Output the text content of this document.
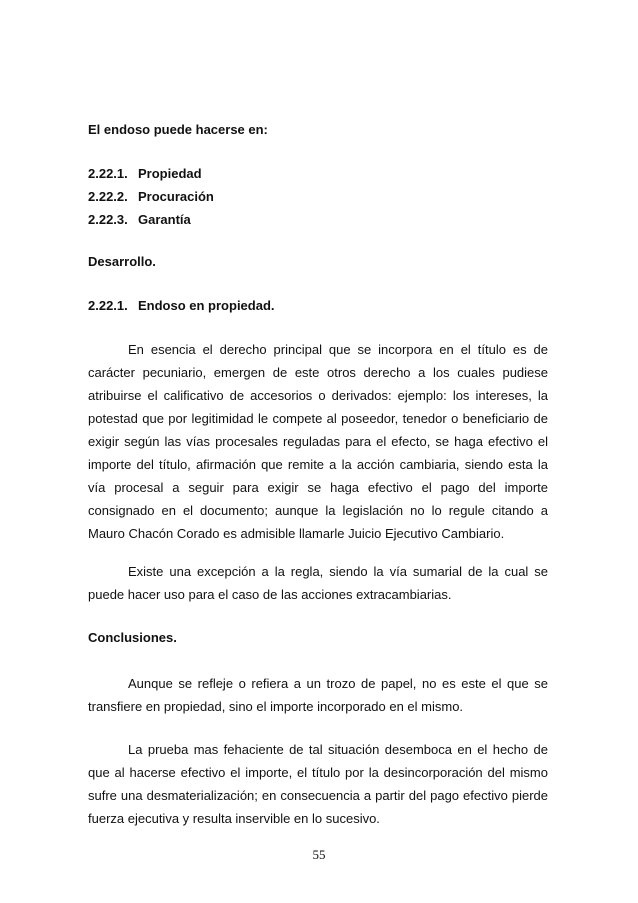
El endoso puede hacerse en:
2.22.1. Propiedad
2.22.2. Procuración
2.22.3. Garantía
Desarrollo.
2.22.1. Endoso en propiedad.

En esencia el derecho principal que se incorpora en el título es de carácter pecuniario, emergen de este otros derecho a los cuales pudiese atribuirse el calificativo de accesorios o derivados: ejemplo: los intereses, la potestad que por legitimidad le compete al poseedor, tenedor o beneficiario de exigir según las vías procesales reguladas para el efecto, se haga efectivo el importe del título, afirmación que remite a la acción cambiaria, siendo esta la vía procesal a seguir para exigir se haga efectivo el pago del importe consignado en el documento; aunque la legislación no lo regule citando a Mauro Chacón Corado es admisible llamarle Juicio Ejecutivo Cambiario.

Existe una excepción a la regla, siendo la vía sumarial de la cual se puede hacer uso para el caso de las acciones extracambiarias.

Conclusiones.

Aunque se refleje o refiera a un trozo de papel, no es este el que se transfiere en propiedad, sino el importe incorporado en el mismo.

La prueba mas fehaciente de tal situación desemboca en el hecho de que al hacerse efectivo el importe, el título por la desincorporación del mismo sufre una desmaterialización; en consecuencia a partir del pago efectivo pierde fuerza ejecutiva y resulta inservible en lo sucesivo.

55
